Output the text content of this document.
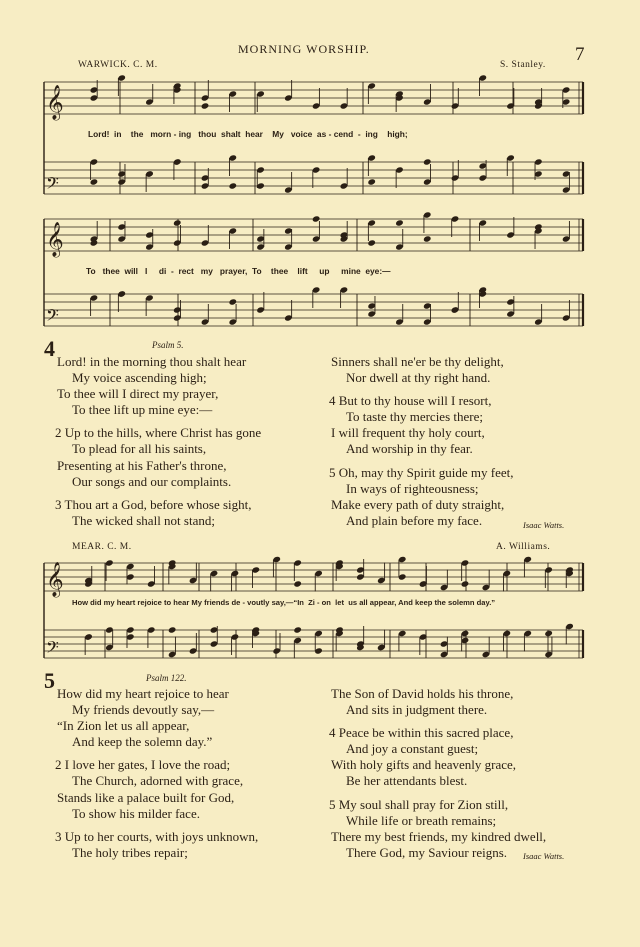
MORNING WORSHIP.	7
WARWICK. C. M.	S. Stanley.
𝄞
𝄢
𝄞
𝄢
𝄞
𝄢
Lord!  in    the   morn - ing   thou  shalt  hear    My   voice  as - cend  -  ing    high;
To   thee  will   I     di  -  rect   my   prayer,  To    thee    lift     up     mine  eye:—
4	Psalm 5.
Lord! in the morning thou shalt hear
My voice ascending high;
To thee will I direct my prayer,
To thee lift up mine eye:—
2 Up to the hills, where Christ has gone
To plead for all his saints,
Presenting at his Father's throne,
Our songs and our complaints.
3 Thou art a God, before whose sight,
The wicked shall not stand;
Sinners shall ne'er be thy delight,
Nor dwell at thy right hand.
4 But to thy house will I resort,
To taste thy mercies there;
I will frequent thy holy court,
And worship in thy fear.
5 Oh, may thy Spirit guide my feet,
In ways of righteousness;
Make every path of duty straight,
And plain before my face.	Isaac Watts.
MEAR. C. M.	A. Williams.
How did my heart rejoice to hear My friends de - voutly say,—“In  Zi - on  let  us all appear, And keep the solemn day.”
5	Psalm 122.
How did my heart rejoice to hear
My friends devoutly say,—
“In Zion let us all appear,
And keep the solemn day.”
2 I love her gates, I love the road;
The Church, adorned with grace,
Stands like a palace built for God,
To show his milder face.
3 Up to her courts, with joys unknown,
The holy tribes repair;
The Son of David holds his throne,
And sits in judgment there.
4 Peace be within this sacred place,
And joy a constant guest;
With holy gifts and heavenly grace,
Be her attendants blest.
5 My soul shall pray for Zion still,
While life or breath remains;
There my best friends, my kindred dwell,
There God, my Saviour reigns.	Isaac Watts.
